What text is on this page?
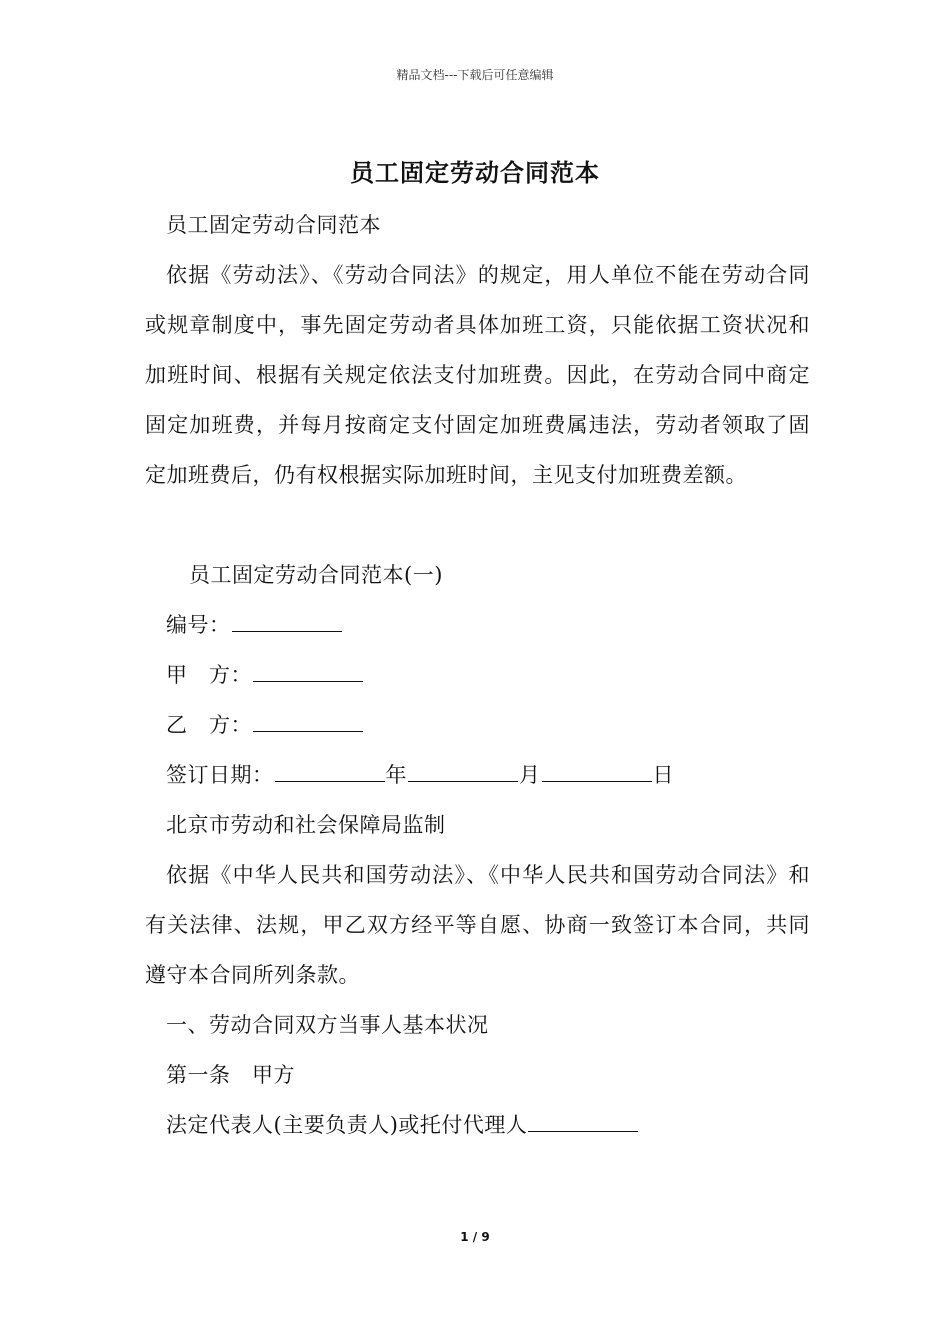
精品文档---下载后可任意编辑
员工固定劳动合同范本
员工固定劳动合同范本
依据《劳动法》、《劳动合同法》的规定，用人单位不能在劳动合同或规章制度中，事先固定劳动者具体加班工资，只能依据工资状况和加班时间、根据有关规定依法支付加班费。因此，在劳动合同中商定固定加班费，并每月按商定支付固定加班费属违法，劳动者领取了固定加班费后，仍有权根据实际加班时间，主见支付加班费差额。
员工固定劳动合同范本(一)
编号：
甲　方：
乙　方：
签订日期：	年	月	日
北京市劳动和社会保障局监制
依据《中华人民共和国劳动法》、《中华人民共和国劳动合同法》和有关法律、法规，甲乙双方经平等自愿、协商一致签订本合同，共同遵守本合同所列条款。
一、劳动合同双方当事人基本状况
第一条　甲方
法定代表人(主要负责人)或托付代理人
1 / 9
